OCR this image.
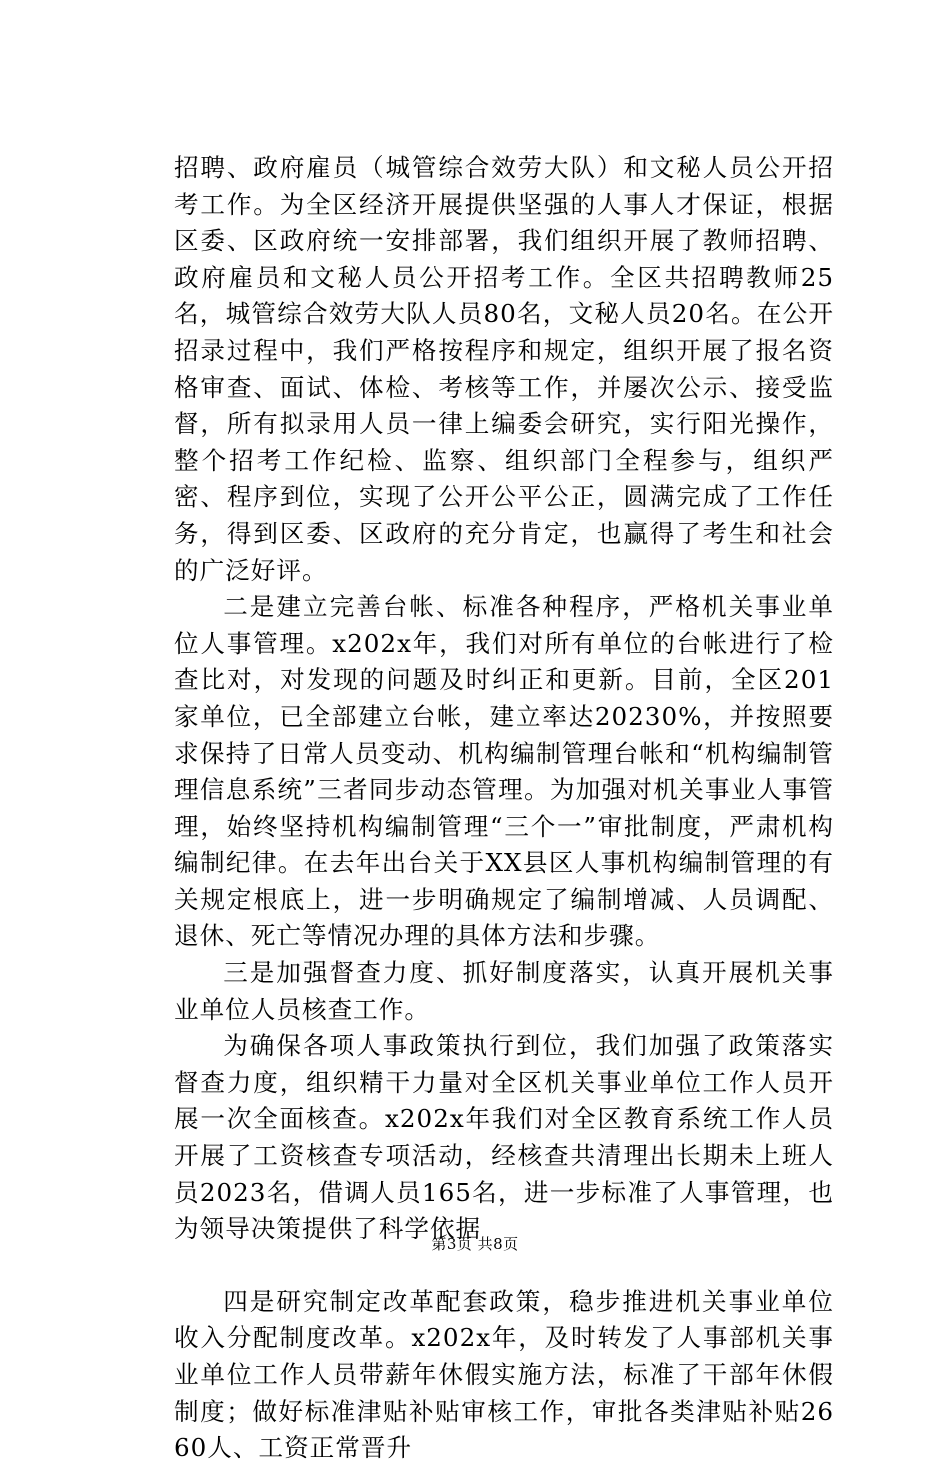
招聘、政府雇员（城管综合效劳大队）和文秘人员公开招考工作。为全区经济开展提供坚强的人事人才保证，根据区委、区政府统一安排部署，我们组织开展了教师招聘、政府雇员和文秘人员公开招考工作。全区共招聘教师25名，城管综合效劳大队人员80名，文秘人员20名。在公开招录过程中，我们严格按程序和规定，组织开展了报名资格审查、面试、体检、考核等工作，并屡次公示、接受监督，所有拟录用人员一律上编委会研究，实行阳光操作，整个招考工作纪检、监察、组织部门全程参与，组织严密、程序到位，实现了公开公平公正，圆满完成了工作任务，得到区委、区政府的充分肯定，也赢得了考生和社会的广泛好评。

二是建立完善台帐、标准各种程序，严格机关事业单位人事管理。x202x年，我们对所有单位的台帐进行了检查比对，对发现的问题及时纠正和更新。目前，全区201家单位，已全部建立台帐，建立率达20230%，并按照要求保持了日常人员变动、机构编制管理台帐和“机构编制管理信息系统”三者同步动态管理。为加强对机关事业人事管理，始终坚持机构编制管理“三个一”审批制度，严肃机构编制纪律。在去年出台关于XX县区人事机构编制管理的有关规定根底上，进一步明确规定了编制增减、人员调配、退休、死亡等情况办理的具体方法和步骤。

三是加强督查力度、抓好制度落实，认真开展机关事业单位人员核查工作。

为确保各项人事政策执行到位，我们加强了政策落实督查力度，组织精干力量对全区机关事业单位工作人员开展一次全面核查。x202x年我们对全区教育系统工作人员开展了工资核查专项活动，经核查共清理出长期未上班人员2023名，借调人员165名，进一步标准了人事管理，也为领导决策提供了科学依据

四是研究制定改革配套政策，稳步推进机关事业单位收入分配制度改革。x202x年，及时转发了人事部机关事业单位工作人员带薪年休假实施方法，标准了干部年休假制度；做好标准津贴补贴审核工作，审批各类津贴补贴2660人、工资正常晋升

第3页 共8页
